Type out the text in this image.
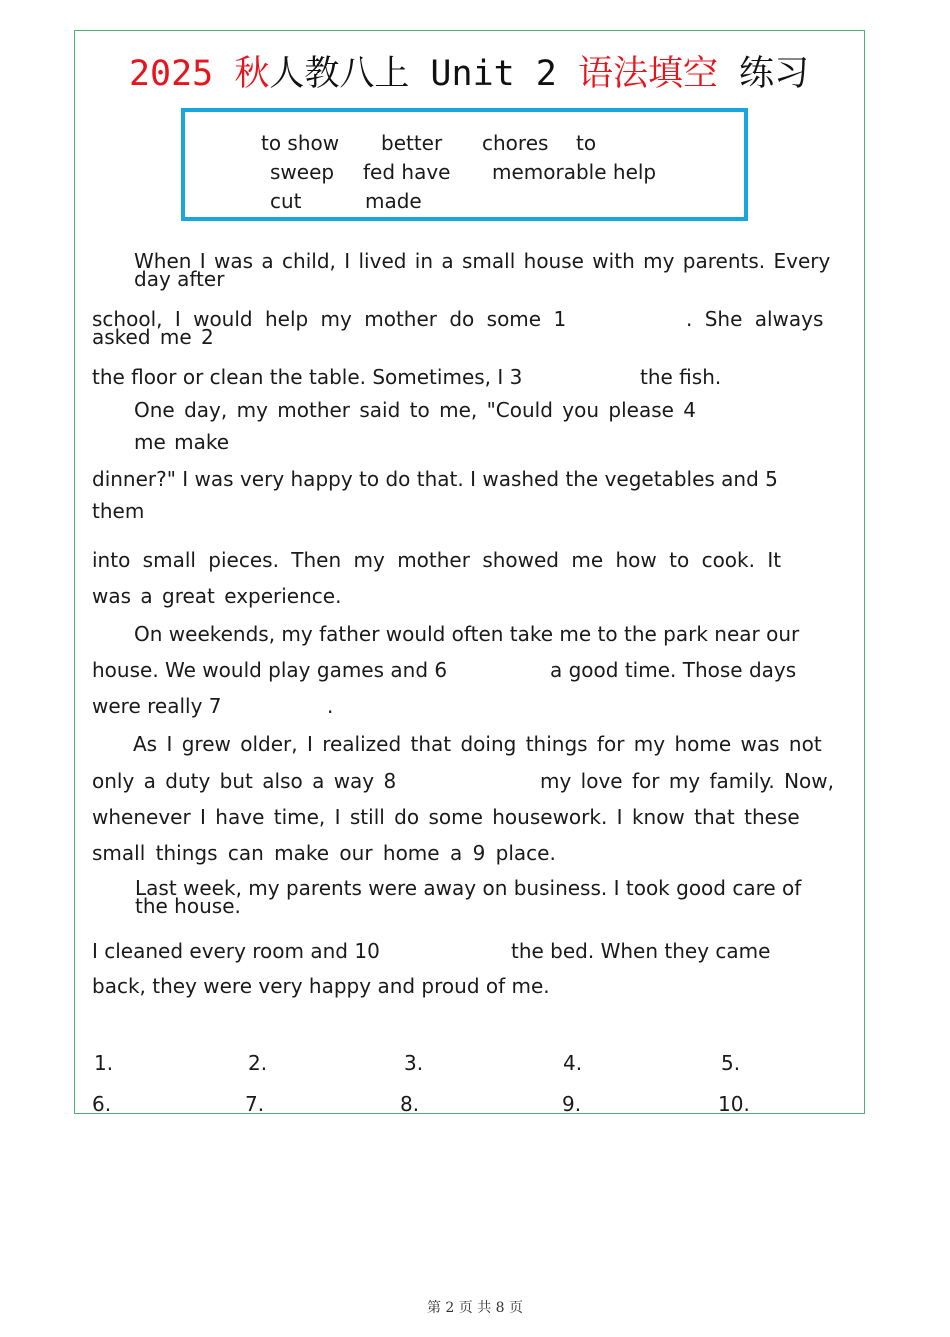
2025 秋人教八上 Unit 2 语法填空 练习
to show better chores to
sweep fed have memorable help
cut	made
When I was a child, I lived in a small house with my parents. Every
day after
school, I would help my mother do some 1	. She always
asked me 2
the floor or clean the table. Sometimes, I 3	the fish.
One day, my mother said to me, "Could you please 4
me make
dinner?" I was very happy to do that. I washed the vegetables and 5
them
into small pieces. Then my mother showed me how to cook. It
was a great experience.
On weekends, my father would often take me to the park near our
house. We would play games and 6	a good time. Those days
were really 7	.
As I grew older, I realized that doing things for my home was not
only a duty but also a way 8	my love for my family. Now,
whenever I have time, I still do some housework. I know that these
small things can make our home a 9 place.
Last week, my parents were away on business. I took good care of
the house.
I cleaned every room and 10	the bed. When they came
back, they were very happy and proud of me.
1.	2.	3.	4.	5.
6.	7.	8.	9.	10.
第 2 页 共 8 页
